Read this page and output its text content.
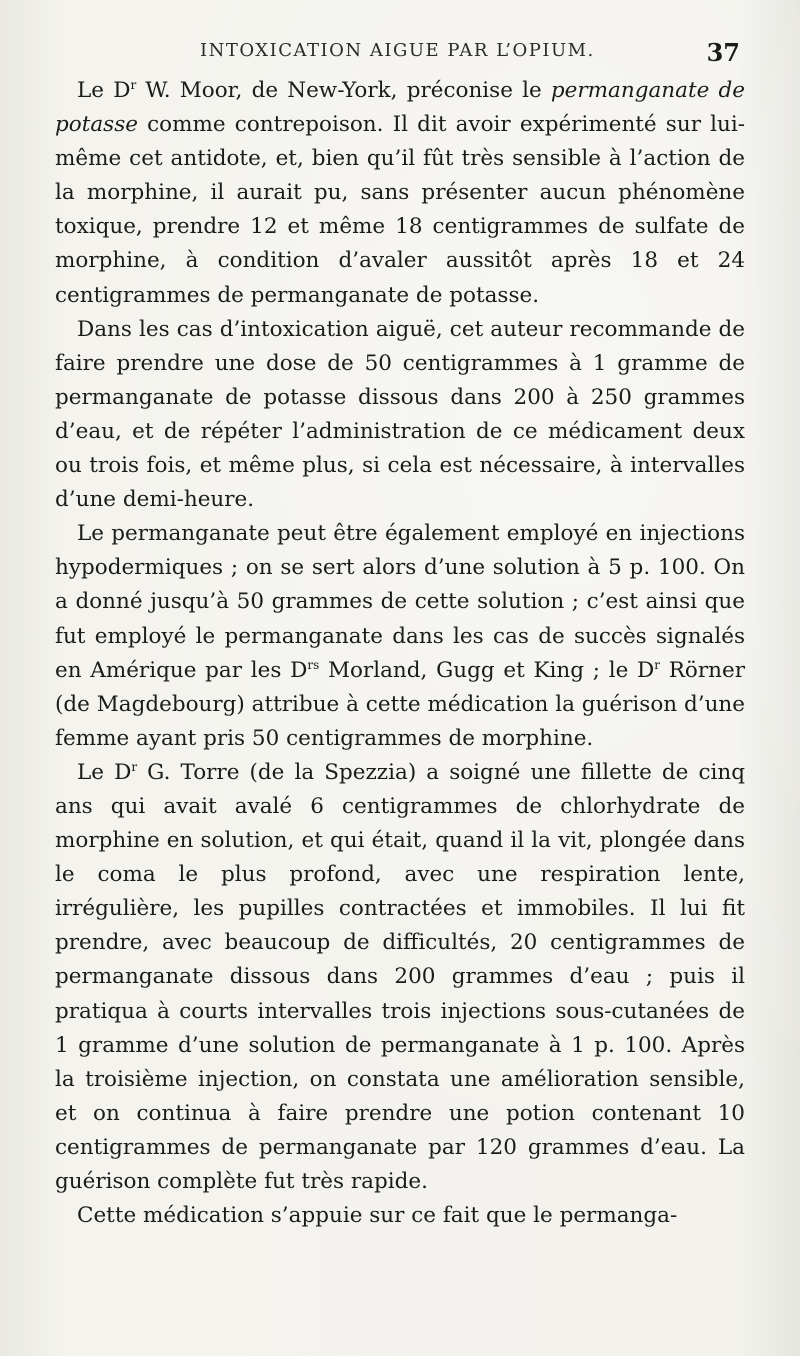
INTOXICATION AIGUE PAR L’OPIUM.	37

Le $D^r$ W. Moor, de New-York, préconise le permanganate de potasse comme contrepoison. Il dit avoir expérimenté sur lui-même cet antidote, et, bien qu’il fût très sensible à l’action de la morphine, il aurait pu, sans présenter aucun phénomène toxique, prendre 12 et même 18 centigrammes de sulfate de morphine, à condition d’avaler aussitôt après 18 et 24 centigrammes de permanganate de potasse.

Dans les cas d’intoxication aiguë, cet auteur recommande de faire prendre une dose de 50 centigrammes à 1 gramme de permanganate de potasse dissous dans 200 à 250 grammes d’eau, et de répéter l’administration de ce médicament deux ou trois fois, et même plus, si cela est nécessaire, à intervalles d’une demi-heure.

Le permanganate peut être également employé en injections hypodermiques ; on se sert alors d’une solution à 5 p. 100. On a donné jusqu’à 50 grammes de cette solution ; c’est ainsi que fut employé le permanganate dans les cas de succès signalés en Amérique par les $D^{rs}$ Morland, Gugg et King ; le $D^r$ Rörner (de Magdebourg) attribue à cette médication la guérison d’une femme ayant pris 50 centigrammes de morphine.

Le $D^r$ G. Torre (de la Spezzia) a soigné une fillette de cinq ans qui avait avalé 6 centigrammes de chlorhydrate de morphine en solution, et qui était, quand il la vit, plongée dans le coma le plus profond, avec une respiration lente, irrégulière, les pupilles contractées et immobiles. Il lui fit prendre, avec beaucoup de difficultés, 20 centigrammes de permanganate dissous dans 200 grammes d’eau ; puis il pratiqua à courts intervalles trois injections sous-cutanées de 1 gramme d’une solution de permanganate à 1 p. 100. Après la troisième injection, on constata une amélioration sensible, et on continua à faire prendre une potion contenant 10 centigrammes de permanganate par 120 grammes d’eau. La guérison complète fut très rapide.

Cette médication s’appuie sur ce fait que le permanga-
